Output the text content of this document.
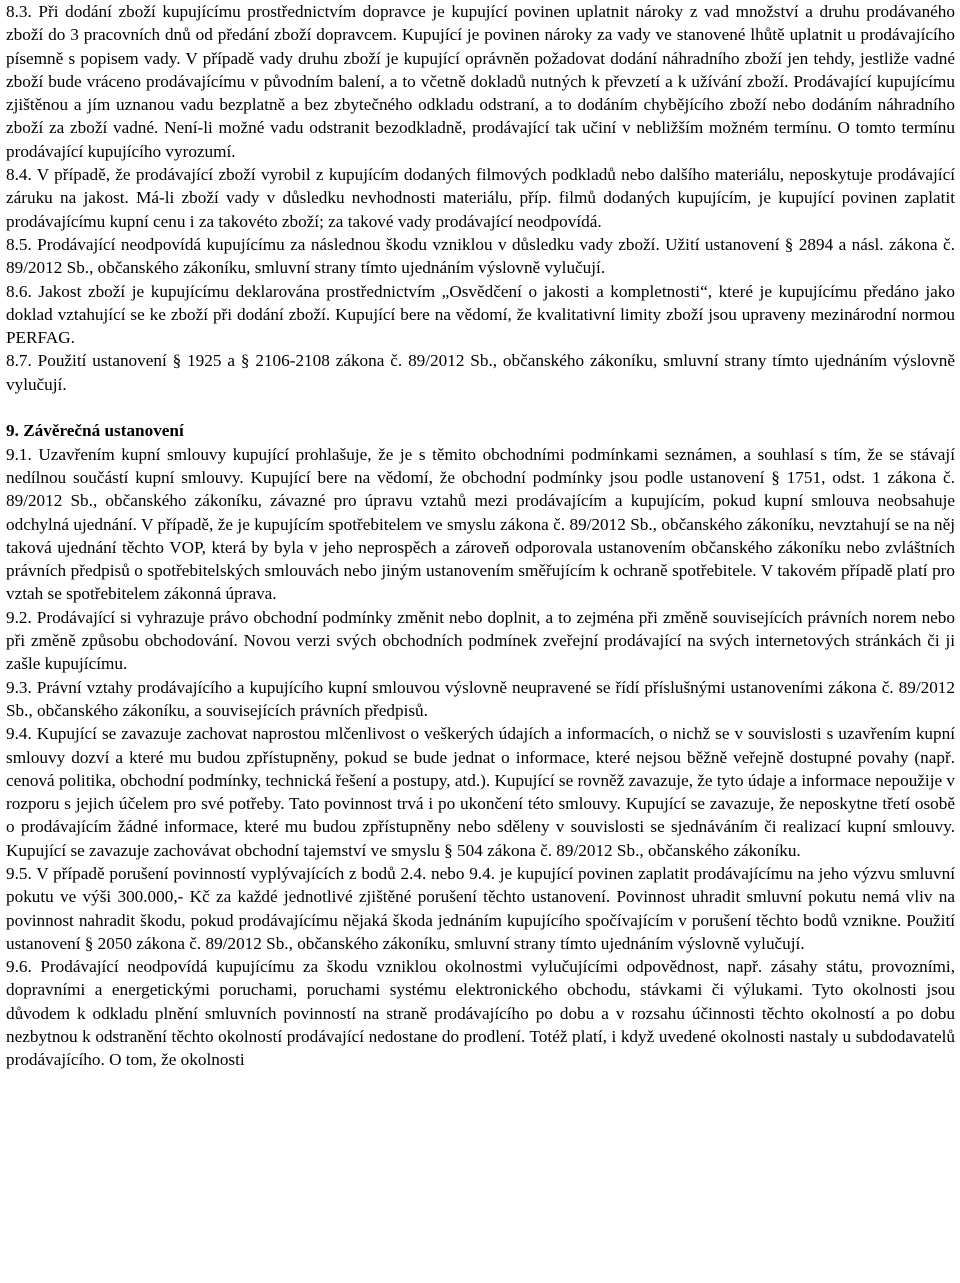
8.3. Při dodání zboží kupujícímu prostřednictvím dopravce je kupující povinen uplatnit nároky z vad množství a druhu prodávaného zboží do 3 pracovních dnů od předání zboží dopravcem. Kupující je povinen nároky za vady ve stanovené lhůtě uplatnit u prodávajícího písemně s popisem vady. V případě vady druhu zboží je kupující oprávněn požadovat dodání náhradního zboží jen tehdy, jestliže vadné zboží bude vráceno prodávajícímu v původním balení, a to včetně dokladů nutných k převzetí a k užívání zboží. Prodávající kupujícímu zjištěnou a jím uznanou vadu bezplatně a bez zbytečného odkladu odstraní, a to dodáním chybějícího zboží nebo dodáním náhradního zboží za zboží vadné. Není-li možné vadu odstranit bezodkladně, prodávající tak učiní v nebližším možném termínu. O tomto termínu prodávající kupujícího vyrozumí.

8.4. V případě, že prodávající zboží vyrobil z kupujícím dodaných filmových podkladů nebo dalšího materiálu, neposkytuje prodávající záruku na jakost. Má-li zboží vady v důsledku nevhodnosti materiálu, příp. filmů dodaných kupujícím, je kupující povinen zaplatit prodávajícímu kupní cenu i za takovéto zboží; za takové vady prodávající neodpovídá.

8.5. Prodávající neodpovídá kupujícímu za následnou škodu vzniklou v důsledku vady zboží. Užití ustanovení § 2894 a násl. zákona č. 89/2012 Sb., občanského zákoníku, smluvní strany tímto ujednáním výslovně vylučují.

8.6. Jakost zboží je kupujícímu deklarována prostřednictvím „Osvědčení o jakosti a kompletnosti“, které je kupujícímu předáno jako doklad vztahující se ke zboží při dodání zboží. Kupující bere na vědomí, že kvalitativní limity zboží jsou upraveny mezinárodní normou PERFAG.

8.7. Použití ustanovení § 1925 a § 2106-2108 zákona č. 89/2012 Sb., občanského zákoníku, smluvní strany tímto ujednáním výslovně vylučují.

9. Závěrečná ustanovení

9.1. Uzavřením kupní smlouvy kupující prohlašuje, že je s těmito obchodními podmínkami seznámen, a souhlasí s tím, že se stávají nedílnou součástí kupní smlouvy. Kupující bere na vědomí, že obchodní podmínky jsou podle ustanovení § 1751, odst. 1 zákona č. 89/2012 Sb., občanského zákoníku, závazné pro úpravu vztahů mezi prodávajícím a kupujícím, pokud kupní smlouva neobsahuje odchylná ujednání. V případě, že je kupujícím spotřebitelem ve smyslu zákona č. 89/2012 Sb., občanského zákoníku, nevztahují se na něj taková ujednání těchto VOP, která by byla v jeho neprospěch a zároveň odporovala ustanovením občanského zákoníku nebo zvláštních právních předpisů o spotřebitelských smlouvách nebo jiným ustanovením směřujícím k ochraně spotřebitele. V takovém případě platí pro vztah se spotřebitelem zákonná úprava.

9.2. Prodávající si vyhrazuje právo obchodní podmínky změnit nebo doplnit, a to zejména při změně souvisejících právních norem nebo při změně způsobu obchodování. Novou verzi svých obchodních podmínek zveřejní prodávající na svých internetových stránkách či ji zašle kupujícímu.

9.3. Právní vztahy prodávajícího a kupujícího kupní smlouvou výslovně neupravené se řídí příslušnými ustanoveními zákona č. 89/2012 Sb., občanského zákoníku, a souvisejících právních předpisů.

9.4. Kupující se zavazuje zachovat naprostou mlčenlivost o veškerých údajích a informacích, o nichž se v souvislosti s uzavřením kupní smlouvy dozví a které mu budou zpřístupněny, pokud se bude jednat o informace, které nejsou běžně veřejně dostupné povahy (např. cenová politika, obchodní podmínky, technická řešení a postupy, atd.). Kupující se rovněž zavazuje, že tyto údaje a informace nepoužije v rozporu s jejich účelem pro své potřeby. Tato povinnost trvá i po ukončení této smlouvy. Kupující se zavazuje, že neposkytne třetí osobě o prodávajícím žádné informace, které mu budou zpřístupněny nebo sděleny v souvislosti se sjednáváním či realizací kupní smlouvy. Kupující se zavazuje zachovávat obchodní tajemství ve smyslu § 504 zákona č. 89/2012 Sb., občanského zákoníku.

9.5. V případě porušení povinností vyplývajících z bodů 2.4. nebo 9.4. je kupující povinen zaplatit prodávajícímu na jeho výzvu smluvní pokutu ve výši 300.000,- Kč za každé jednotlivé zjištěné porušení těchto ustanovení. Povinnost uhradit smluvní pokutu nemá vliv na povinnost nahradit škodu, pokud prodávajícímu nějaká škoda jednáním kupujícího spočívajícím v porušení těchto bodů vznikne. Použití ustanovení § 2050 zákona č. 89/2012 Sb., občanského zákoníku, smluvní strany tímto ujednáním výslovně vylučují.

9.6. Prodávající neodpovídá kupujícímu za škodu vzniklou okolnostmi vylučujícími odpovědnost, např. zásahy státu, provozními, dopravními a energetickými poruchami, poruchami systému elektronického obchodu, stávkami či výlukami. Tyto okolnosti jsou důvodem k odkladu plnění smluvních povinností na straně prodávajícího po dobu a v rozsahu účinnosti těchto okolností a po dobu nezbytnou k odstranění těchto okolností prodávající nedostane do prodlení. Totéž platí, i když uvedené okolnosti nastaly u subdodavatelů prodávajícího. O tom, že okolnosti
